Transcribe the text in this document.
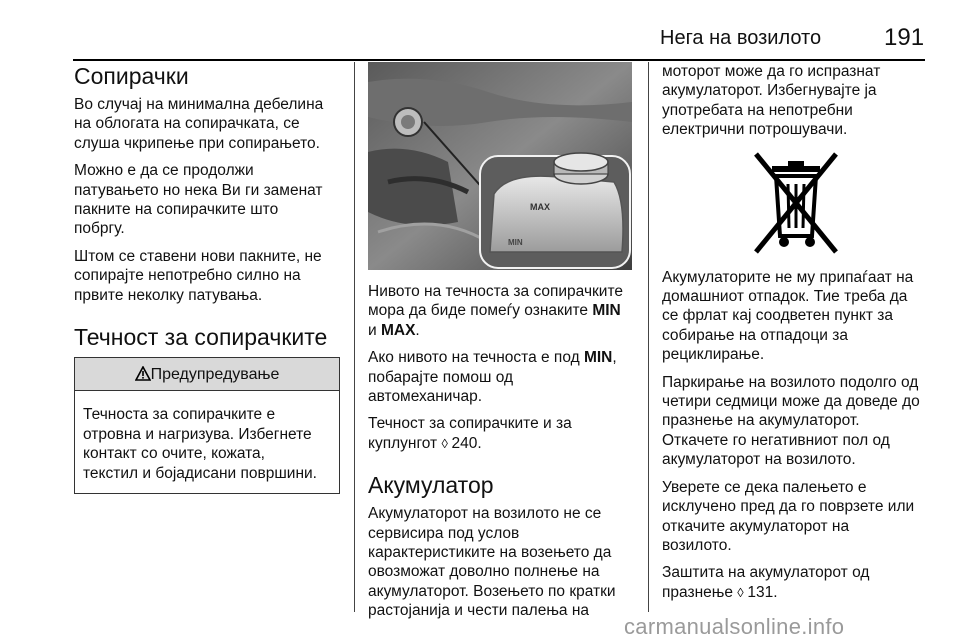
Нега на возилото	191
Сопирачки

Во случај на минимална дебелина
на облогата на сопирачката, се
слуша чкрипење при сопирањето.

Можно е да се продолжи
патувањето но нека Ви ги заменат
пакните на сопирачките што
побргу.

Штом се ставени нови пакните, не
сопирајте непотребно силно на
првите неколку патувања.

Течност за сопирачките
Предупредување
Течноста за сопирачките е
отровна и нагризува. Избегнете
контакт со очите, кожата,
текстил и бојадисани површини.
MAX
MIN

Нивото на течноста за сопирачките
мора да биде помеѓу ознаките MIN
и MAX.

Ако нивото на течноста е под MIN,
побарајте помош од
автомеханичар.

Течност за сопирачките и за
куплунгот ◊ 240.

Акумулатор

Акумулаторот на возилото не се
сервисира под услов
карактеристиките на возењето да
овозможат доволно полнење на
акумулаторот. Возењето по кратки
растојанија и чести палења на

моторот може да го испразнат
акумулаторот. Избегнувајте ја
употребата на непотребни
електрични потрошувачи.

Акумулаторите не му припаѓаат на
домашниот отпадок. Тие треба да
се фрлат кај соодветен пункт за
собирање на отпадоци за
рециклирање.

Паркирање на возилото подолго од
четири седмици може да доведе до
празнење на акумулаторот.

Откачете го негативниот пол од
акумулаторот на возилото.

Уверете се дека палењето е
исклучено пред да го поврзете или
откачите акумулаторот на
возилото.

Заштита на акумулаторот од
празнење ◊ 131.

carmanualsonline.info
